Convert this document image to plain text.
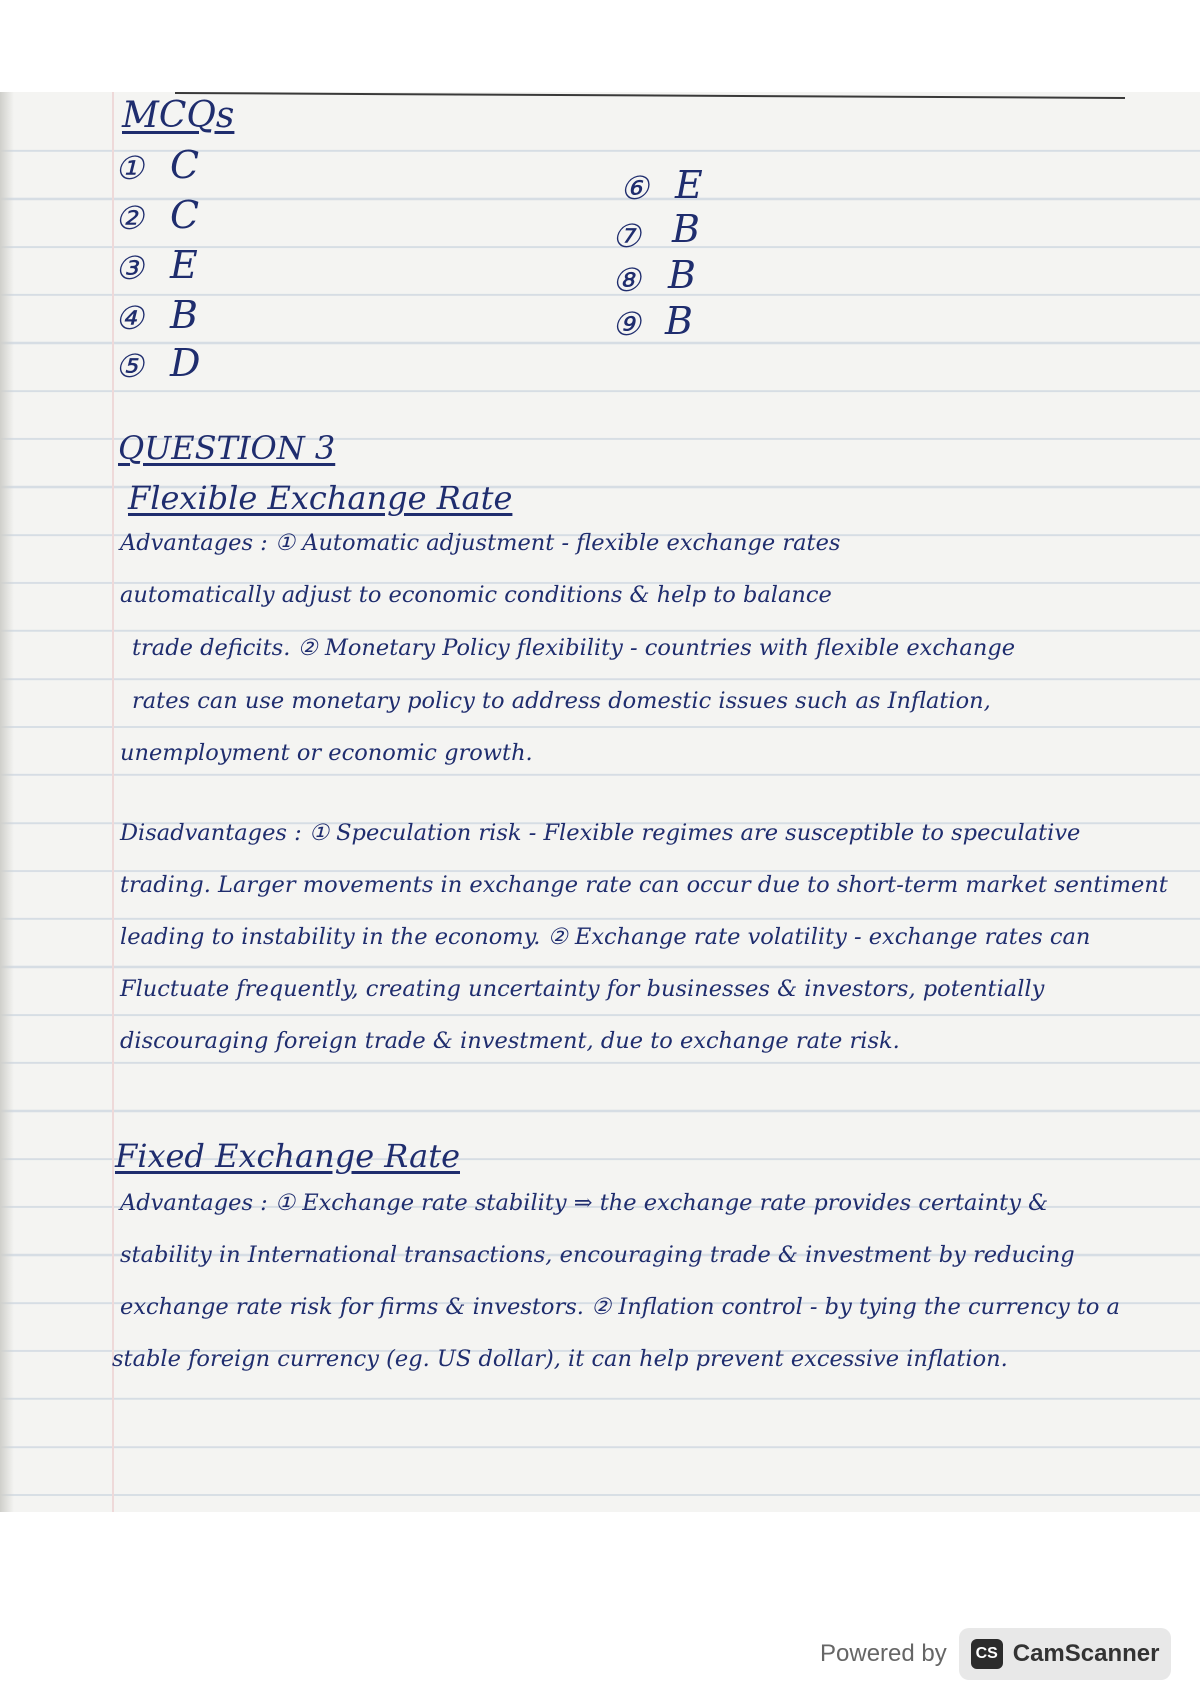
MCQs
① C
② C
③ E
④ B
⑤ D
⑥ E
⑦ B
⑧ B
⑨ B
QUESTION 3
Flexible Exchange Rate
Advantages : ① Automatic adjustment - flexible exchange rates
automatically adjust to economic conditions & help to balance
trade deficits. ② Monetary Policy flexibility - countries with flexible exchange
rates can use monetary policy to address domestic issues such as Inflation,
unemployment or economic growth.
Disadvantages : ① Speculation risk - Flexible regimes are susceptible to speculative
trading. Larger movements in exchange rate can occur due to short-term market sentiment
leading to instability in the economy. ② Exchange rate volatility - exchange rates can
Fluctuate frequently, creating uncertainty for businesses & investors, potentially
discouraging foreign trade & investment, due to exchange rate risk.
Fixed Exchange Rate
Advantages : ① Exchange rate stability ⇒ the exchange rate provides certainty &
stability in International transactions, encouraging trade & investment by reducing
exchange rate risk for firms & investors. ② Inflation control - by tying the currency to a
stable foreign currency (eg. US dollar), it can help prevent excessive inflation.
Powered by	CS CamScanner
